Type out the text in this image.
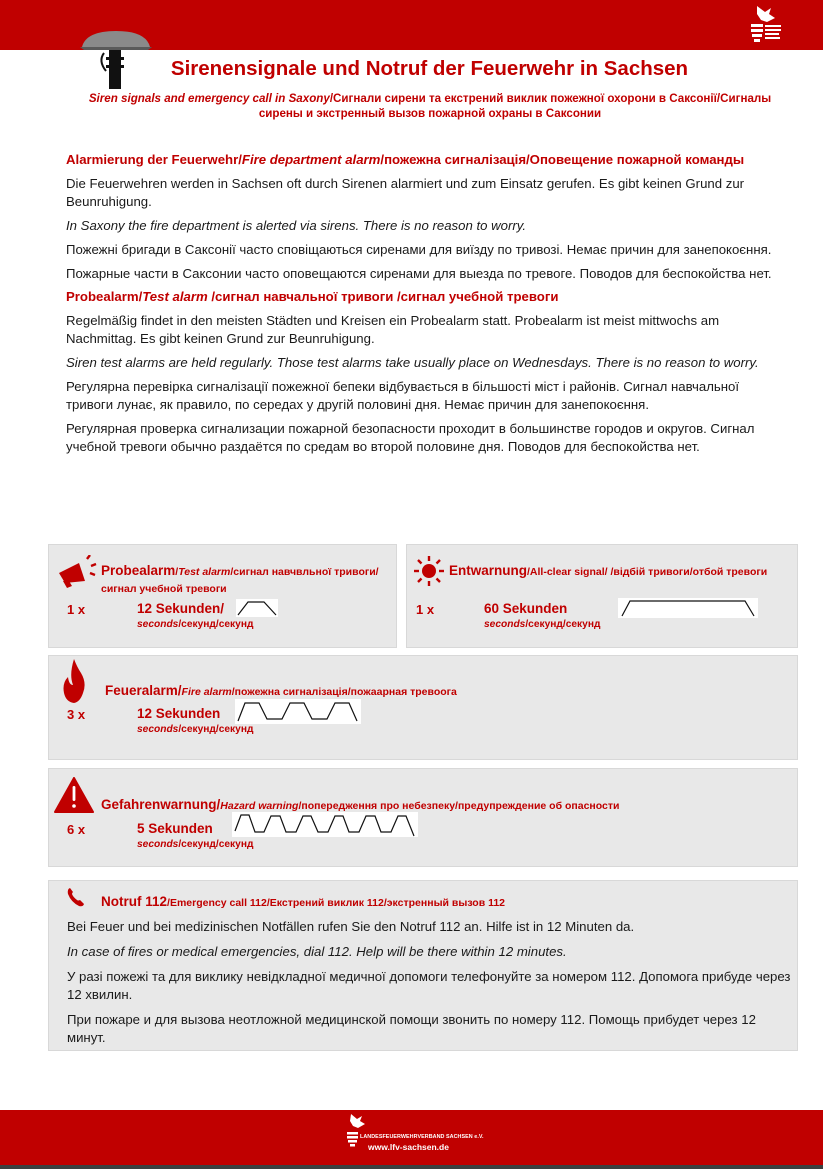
Sirenensignale und Notruf der Feuerwehr in Sachsen
Siren signals and emergency call in Saxony/Сигнали сирени та екстрений виклик пожежної охорони в Саксонії/Сигналы сирены и экстренный вызов пожарной охраны в Саксонии
Alarmierung der Feuerwehr/Fire department alarm/пожежна сигналізація/Оповещение пожарной команды
Die Feuerwehren werden in Sachsen oft durch Sirenen alarmiert und zum Einsatz gerufen. Es gibt keinen Grund zur Beunruhigung.
In Saxony the fire department is alerted via sirens. There is no reason to worry.
Пожежні бригади в Саксонії часто сповіщаються сиренами для виїзду по тривозі. Немає причин для занепокоєння.
Пожарные части в Саксонии часто оповещаются сиренами для выезда по тревоге. Поводов для беспокойства нет.
Probealarm/Test alarm /сигнал навчальної тривоги /сигнал учебной тревоги
Regelmäßig findet in den meisten Städten und Kreisen ein Probealarm statt. Probealarm ist meist mittwochs am Nachmittag. Es gibt keinen Grund zur Beunruhigung.
Siren test alarms are held regularly. Those test alarms take usually place on Wednesdays. There is no reason to worry.
Регулярна перевірка сигналізації пожежної бепеки відбувається в більшості міст і районів. Сигнал навчальної тривоги лунає, як правило, по середах у другій половині дня. Немає причин для занепокоєння.
Регулярная проверка сигнализации пожарной безопасности проходит в большинстве городов и округов. Сигнал учебной тревоги обычно раздаётся по средам во второй половине дня. Поводов для беспокойства нет.
Probealarm/Test alarm/сигнал навчвльної тривоги/
сигнал учебной тревоги
1 x	12 Sekunden/
seconds/секунд/секунд
Entwarnung/All-clear signal/ /відбій тривоги/отбой тревоги
1 x	60 Sekunden
seconds/секунд/секунд
Feueralarm/Fire alarm/пожежна сигналізація/пожаарная тревоога
3 x	12 Sekunden
seconds/секунд/секунд
Gefahrenwarnung/Hazard warning/попередження про небезпеку/предупреждение об опасности
6 x	5 Sekunden
seconds/секунд/секунд
Notruf 112/Emergency call 112/Екстрений виклик 112/экстренный вызов 112
Bei Feuer und bei medizinischen Notfällen rufen Sie den Notruf 112 an. Hilfe ist in 12 Minuten da.
In case of fires or medical emergencies, dial 112. Help will be there within 12 minutes.
У разі пожежі та для виклику невідкладної медичної допомоги телефонуйте за номером 112. Допомога прибуде через 12 хвилин.
При пожаре и для вызова неотложной медицинской помощи звонить по номеру 112. Помощь прибудет через 12 минут.
LANDESFEUERWEHRVERBAND SACHSEN e.V.
www.lfv-sachsen.de
